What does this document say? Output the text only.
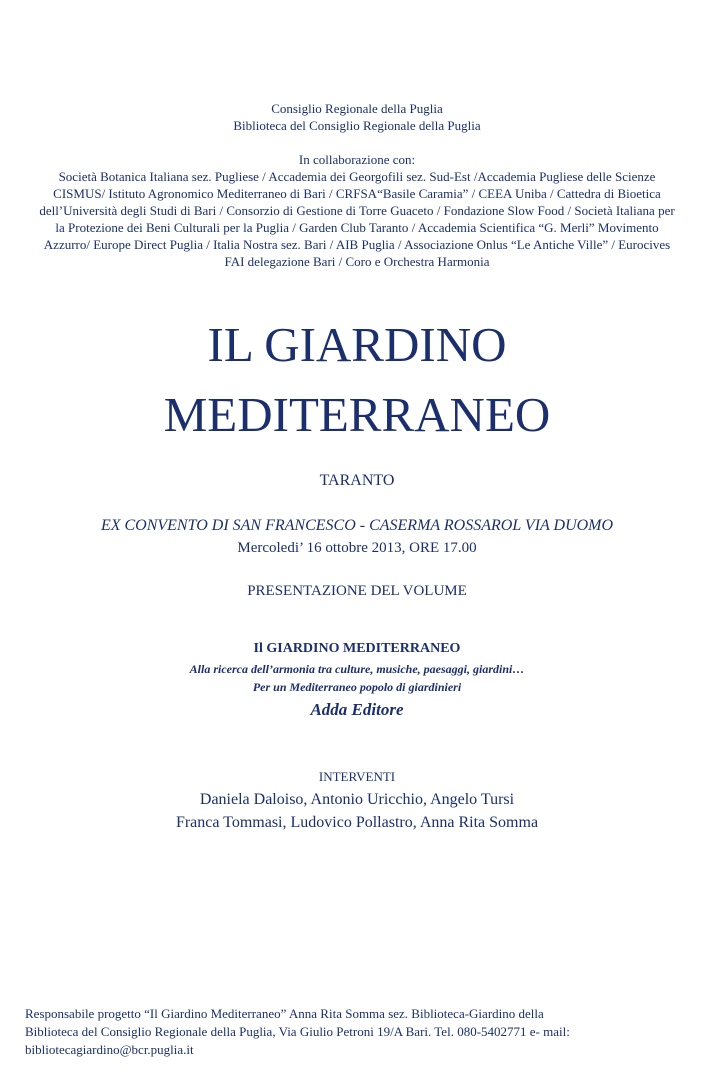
Consiglio Regionale della Puglia
Biblioteca del Consiglio Regionale della Puglia
In collaborazione con:
Società Botanica Italiana sez. Pugliese / Accademia dei Georgofili sez. Sud-Est /Accademia Pugliese delle Scienze
CISMUS/ Istituto Agronomico Mediterraneo di Bari / CRFSA“Basile Caramia” / CEEA Uniba / Cattedra di Bioetica
dell’Università degli Studi di Bari / Consorzio di Gestione di Torre Guaceto / Fondazione Slow Food / Società Italiana per
la Protezione dei Beni Culturali per la Puglia / Garden Club Taranto / Accademia Scientifica “G. Merli” Movimento
Azzurro/ Europe Direct Puglia / Italia Nostra sez. Bari / AIB Puglia / Associazione Onlus “Le Antiche Ville” / Eurocives
FAI delegazione Bari / Coro e Orchestra Harmonia
IL GIARDINO
MEDITERRANEO
TARANTO
EX CONVENTO DI SAN FRANCESCO - CASERMA ROSSAROL VIA DUOMO
Mercoledi’ 16 ottobre 2013, ORE 17.00
PRESENTAZIONE DEL VOLUME
Il GIARDINO MEDITERRANEO
Alla ricerca dell’armonia tra culture, musiche, paesaggi, giardini…
Per un Mediterraneo popolo di giardinieri
Adda Editore
INTERVENTI
Daniela Daloiso, Antonio Uricchio, Angelo Tursi
Franca Tommasi, Ludovico Pollastro, Anna Rita Somma
Responsabile progetto “Il Giardino Mediterraneo” Anna Rita Somma sez. Biblioteca-Giardino della
Biblioteca del Consiglio Regionale della Puglia, Via Giulio Petroni 19/A Bari. Tel. 080-5402771 e- mail:
bibliotecagiardino@bcr.puglia.it
